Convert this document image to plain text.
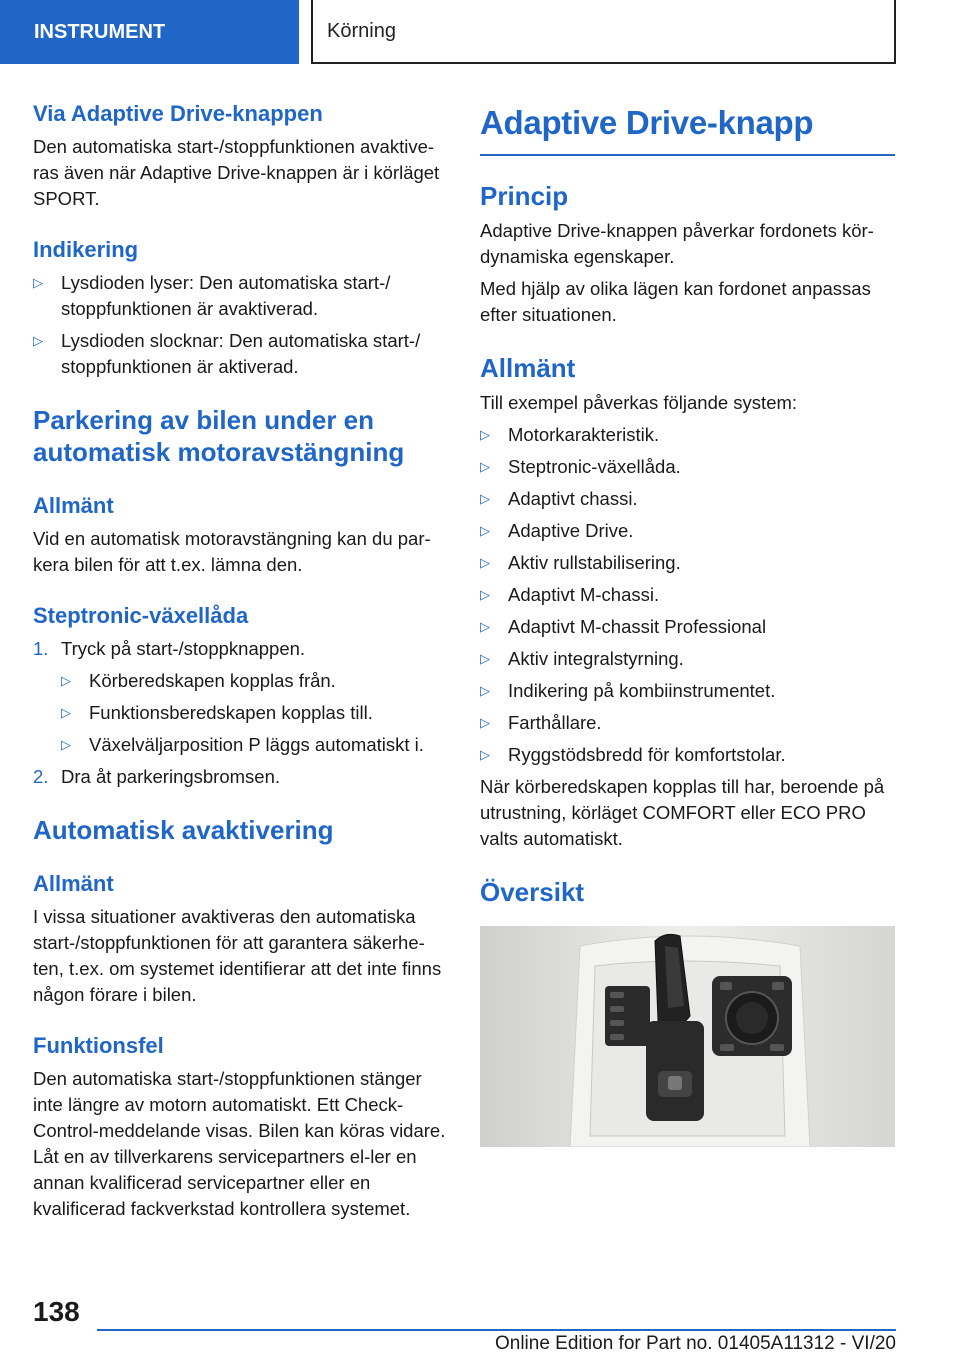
INSTRUMENT	Körning
Via Adaptive Drive-knappen

Den automatiska start-/stoppfunktionen avaktive-ras även när Adaptive Drive-knappen är i körläget SPORT.

Indikering
▷ Lysdioden lyser: Den automatiska start-/ stoppfunktionen är avaktiverad.
▷ Lysdioden slocknar: Den automatiska start-/ stoppfunktionen är aktiverad.
Parkering av bilen under en automatisk motoravstängning
Allmänt

Vid en automatisk motoravstängning kan du par-kera bilen för att t.ex. lämna den.

Steptronic-växellåda
1. Tryck på start-/stoppknappen.
▷ Körberedskapen kopplas från.
▷ Funktionsberedskapen kopplas till.
▷ Växelväljarposition P läggs automatiskt i.
2. Dra åt parkeringsbromsen.
Automatisk avaktivering
Allmänt

I vissa situationer avaktiveras den automatiska start-/stoppfunktionen för att garantera säkerhe-ten, t.ex. om systemet identifierar att det inte finns någon förare i bilen.

Funktionsfel

Den automatiska start-/stoppfunktionen stänger inte längre av motorn automatiskt. Ett Check-Control-meddelande visas. Bilen kan köras vidare. Låt en av tillverkarens servicepartners el-ler en annan kvalificerad servicepartner eller en kvalificerad fackverkstad kontrollera systemet.

Adaptive Drive-knapp
Princip

Adaptive Drive-knappen påverkar fordonets kör-dynamiska egenskaper.

Med hjälp av olika lägen kan fordonet anpassas efter situationen.

Allmänt

Till exempel påverkas följande system:

▷ Motorkarakteristik.
▷ Steptronic-växellåda.
▷ Adaptivt chassi.
▷ Adaptive Drive.
▷ Aktiv rullstabilisering.
▷ Adaptivt M-chassi.
▷ Adaptivt M-chassit Professional
▷ Aktiv integralstyrning.
▷ Indikering på kombiinstrumentet.
▷ Farthållare.
▷ Ryggstödsbredd för komfortstolar.

När körberedskapen kopplas till har, beroende på utrustning, körläget COMFORT eller ECO PRO valts automatiskt.

Översikt
138
Online Edition for Part no. 01405A11312 - VI/20
